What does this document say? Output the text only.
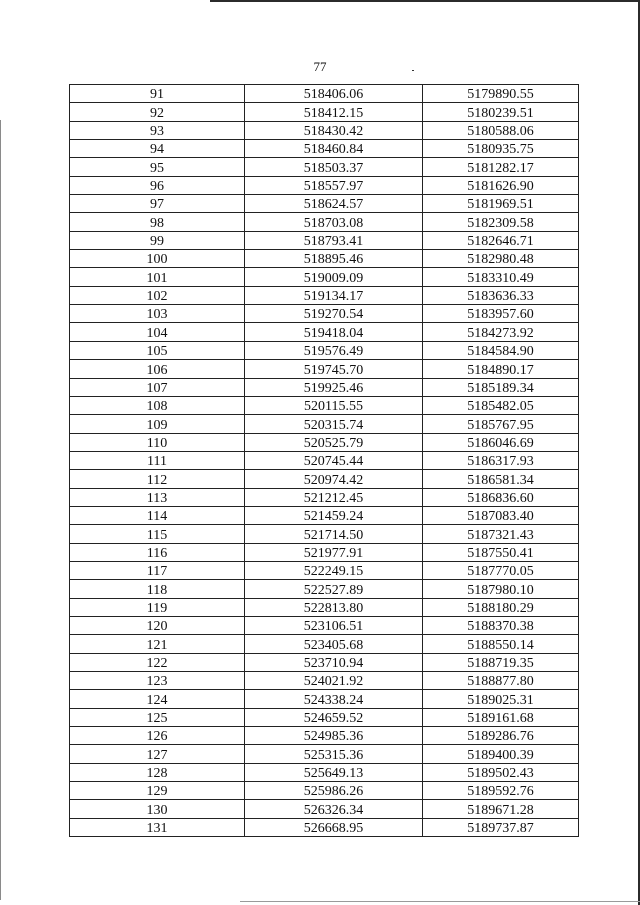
77
91	518406.06	5179890.55
92	518412.15	5180239.51
93	518430.42	5180588.06
94	518460.84	5180935.75
95	518503.37	5181282.17
96	518557.97	5181626.90
97	518624.57	5181969.51
98	518703.08	5182309.58
99	518793.41	5182646.71
100	518895.46	5182980.48
101	519009.09	5183310.49
102	519134.17	5183636.33
103	519270.54	5183957.60
104	519418.04	5184273.92
105	519576.49	5184584.90
106	519745.70	5184890.17
107	519925.46	5185189.34
108	520115.55	5185482.05
109	520315.74	5185767.95
110	520525.79	5186046.69
111	520745.44	5186317.93
112	520974.42	5186581.34
113	521212.45	5186836.60
114	521459.24	5187083.40
115	521714.50	5187321.43
116	521977.91	5187550.41
117	522249.15	5187770.05
118	522527.89	5187980.10
119	522813.80	5188180.29
120	523106.51	5188370.38
121	523405.68	5188550.14
122	523710.94	5188719.35
123	524021.92	5188877.80
124	524338.24	5189025.31
125	524659.52	5189161.68
126	524985.36	5189286.76
127	525315.36	5189400.39
128	525649.13	5189502.43
129	525986.26	5189592.76
130	526326.34	5189671.28
131	526668.95	5189737.87
